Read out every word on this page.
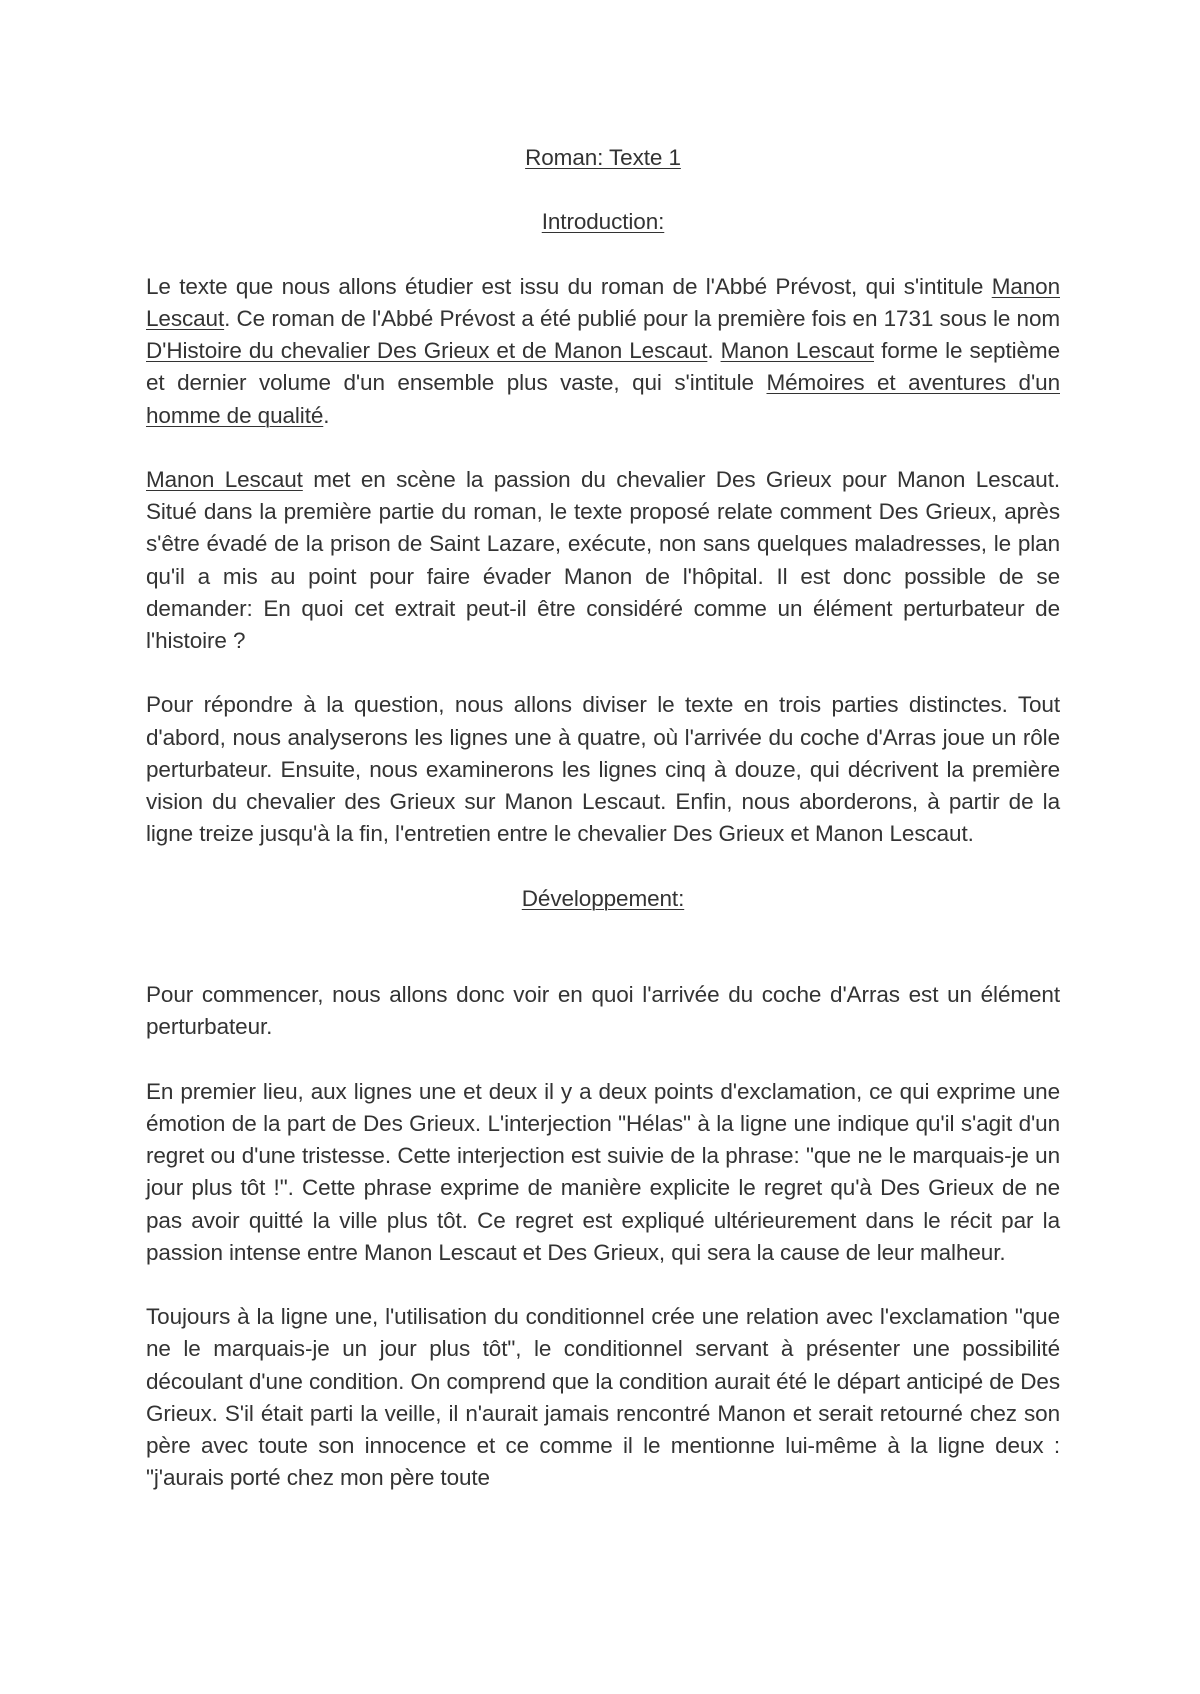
Roman: Texte 1

Introduction:

Le texte que nous allons étudier est issu du roman de l'Abbé Prévost, qui s'intitule Manon Lescaut. Ce roman de l'Abbé Prévost a été publié pour la première fois en 1731 sous le nom D'Histoire du chevalier Des Grieux et de Manon Lescaut. Manon Lescaut forme le septième et dernier volume d'un ensemble plus vaste, qui s'intitule Mémoires et aventures d'un homme de qualité.

Manon Lescaut met en scène la passion du chevalier Des Grieux pour Manon Lescaut. Situé dans la première partie du roman, le texte proposé relate comment Des Grieux, après s'être évadé de la prison de Saint Lazare, exécute, non sans quelques maladresses, le plan qu'il a mis au point pour faire évader Manon de l'hôpital. Il est donc possible de se demander: En quoi cet extrait peut-il être considéré comme un élément perturbateur de l'histoire ?

Pour répondre à la question, nous allons diviser le texte en trois parties distinctes. Tout d'abord, nous analyserons les lignes une à quatre, où l'arrivée du coche d'Arras joue un rôle perturbateur. Ensuite, nous examinerons les lignes cinq à douze, qui décrivent la première vision du chevalier des Grieux sur Manon Lescaut. Enfin, nous aborderons, à partir de la ligne treize jusqu'à la fin, l'entretien entre le chevalier Des Grieux et Manon Lescaut.

Développement:

Pour commencer, nous allons donc voir en quoi l'arrivée du coche d'Arras est un élément perturbateur.

En premier lieu, aux lignes une et deux il y a deux points d'exclamation, ce qui exprime une émotion de la part de Des Grieux. L'interjection "Hélas" à la ligne une indique qu'il s'agit d'un regret ou d'une tristesse. Cette interjection est suivie de la phrase: "que ne le marquais-je un jour plus tôt !". Cette phrase exprime de manière explicite le regret qu'à Des Grieux de ne pas avoir quitté la ville plus tôt. Ce regret est expliqué ultérieurement dans le récit par la passion intense entre Manon Lescaut et Des Grieux, qui sera la cause de leur malheur.

Toujours à la ligne une, l'utilisation du conditionnel crée une relation avec l'exclamation "que ne le marquais-je un jour plus tôt", le conditionnel servant à présenter une possibilité découlant d'une condition. On comprend que la condition aurait été le départ anticipé de Des Grieux. S'il était parti la veille, il n'aurait jamais rencontré Manon et serait retourné chez son père avec toute son innocence et ce comme il le mentionne lui-même à la ligne deux : "j'aurais porté chez mon père toute
